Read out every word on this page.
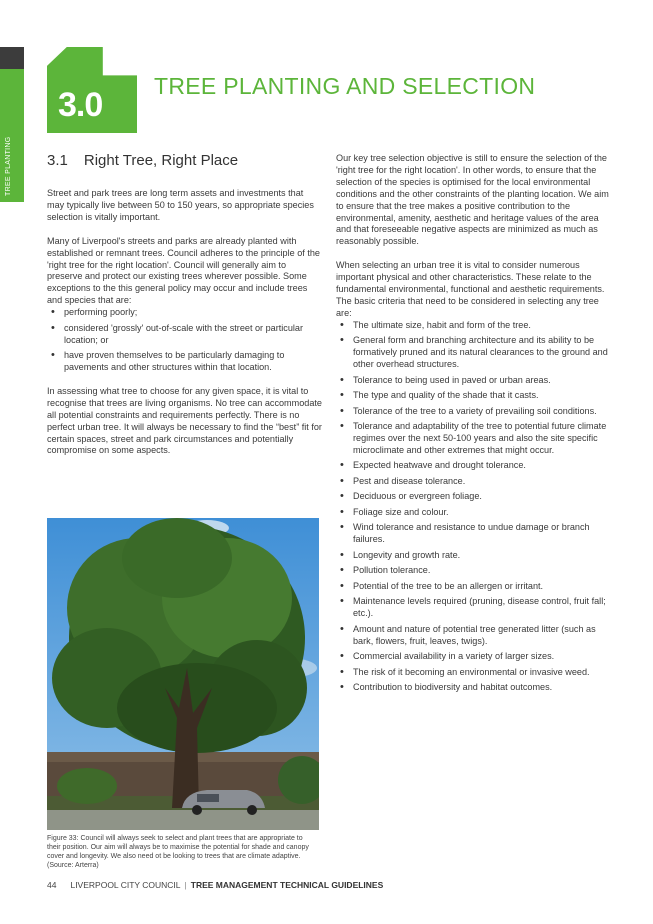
TREE PLANTING
3.0 TREE PLANTING AND SELECTION
3.1 Right Tree, Right Place

Street and park trees are long term assets and investments that may typically live between 50 to 150 years, so appropriate species selection is vitally important.

Many of Liverpool's streets and parks are already planted with established or remnant trees. Council adheres to the principle of the 'right tree for the right location'. Council will generally aim to preserve and protect our existing trees wherever possible. Some exceptions to the this general policy may occur and include trees and species that are:

• performing poorly;
• considered 'grossly' out-of-scale with the street or particular location; or
• have proven themselves to be particularly damaging to pavements and other structures within that location.

In assessing what tree to choose for any given space, it is vital to recognise that trees are living organisms. No tree can accommodate all potential constraints and requirements perfectly. There is no perfect urban tree. It will always be necessary to find the “best” fit for certain spaces, street and park circumstances and potentially compromise on some aspects.

Our key tree selection objective is still to ensure the selection of the 'right tree for the right location'. In other words, to ensure that the selection of the species is optimised for the local environmental conditions and the other constraints of the planting location. We aim to ensure that the tree makes a positive contribution to the environmental, amenity, aesthetic and heritage values of the area and that foreseeable negative aspects are minimized as much as reasonably possible.

When selecting an urban tree it is vital to consider numerous important physical and other characteristics. These relate to the fundamental environmental, functional and aesthetic requirements. The basic criteria that need to be considered in selecting any tree are:

• The ultimate size, habit and form of the tree.
• General form and branching architecture and its ability to be formatively pruned and its natural clearances to the ground and other overhead structures.
• Tolerance to being used in paved or urban areas.
• The type and quality of the shade that it casts.
• Tolerance of the tree to a variety of prevailing soil conditions.
• Tolerance and adaptability of the tree to potential future climate regimes over the next 50-100 years and also the site specific microclimate and other extremes that might occur.
• Expected heatwave and drought tolerance.
• Pest and disease tolerance.
• Deciduous or evergreen foliage.
• Foliage size and colour.
• Wind tolerance and resistance to undue damage or branch failures.
• Longevity and growth rate.
• Pollution tolerance.
• Potential of the tree to be an allergen or irritant.
• Maintenance levels required (pruning, disease control, fruit fall; etc.).
• Amount and nature of potential tree generated litter (such as bark, flowers, fruit, leaves, twigs).
• Commercial availability in a variety of larger sizes.
• The risk of it becoming an environmental or invasive weed.
• Contribution to biodiversity and habitat outcomes.
Figure 33: Council will always seek to select and plant trees that are appropriate to their position. Our aim will always be to maximise the potential for shade and canopy cover and longevity. We also need ot be looking to trees that are climate adaptive. (Source: Arterra)
44 LIVERPOOL CITY COUNCIL | TREE MANAGEMENT TECHNICAL GUIDELINES
